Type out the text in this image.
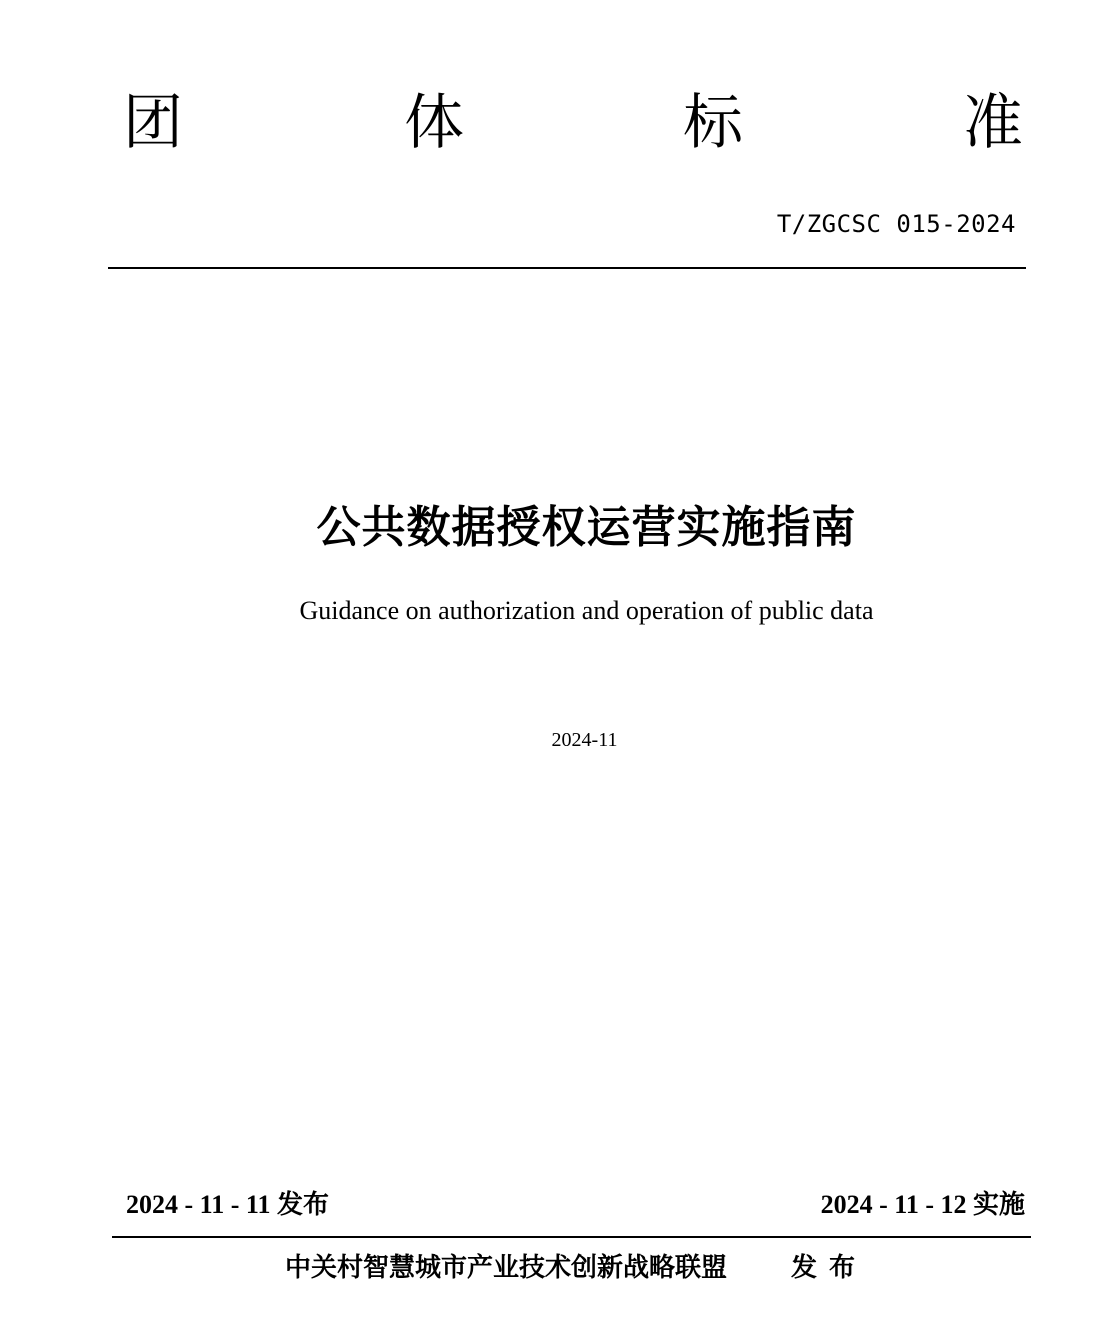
团	体	标	准
T/ZGCSC 015-2024
公共数据授权运营实施指南
Guidance on authorization and operation of public data
2024-11
2024 - 11 - 11 发布	2024 - 11 - 12 实施
中关村智慧城市产业技术创新战略联盟 发布
